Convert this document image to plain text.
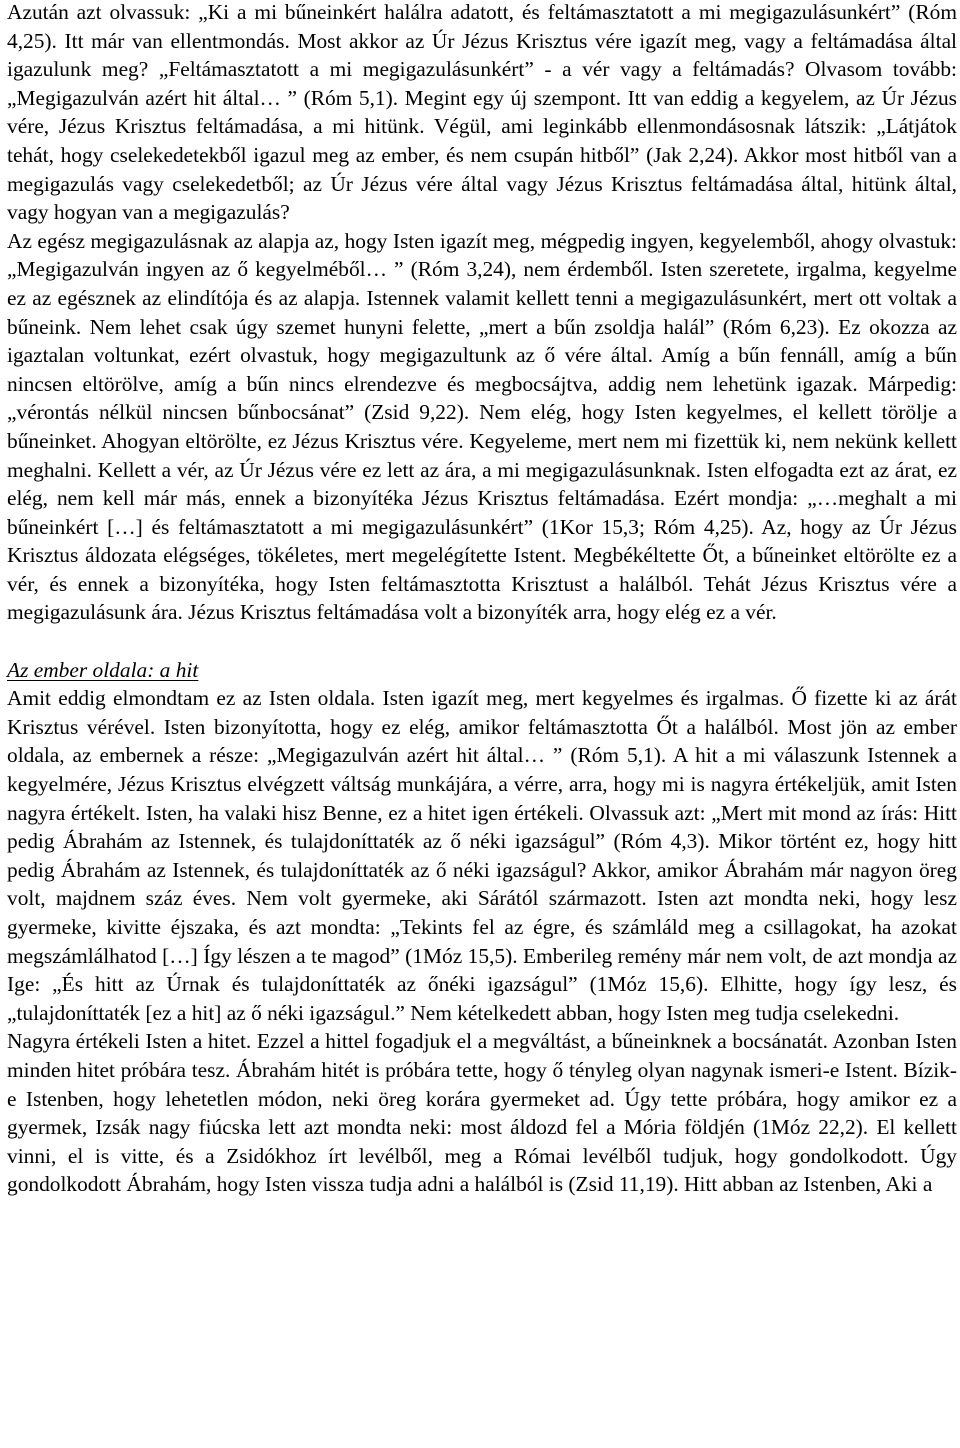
Azután azt olvassuk: „Ki a mi bűneinkért halálra adatott, és feltámasztatott a mi megigazulásunkért” (Róm 4,25). Itt már van ellentmondás. Most akkor az Úr Jézus Krisztus vére igazít meg, vagy a feltámadása által igazulunk meg? „Feltámasztatott a mi megigazulásunkért” - a vér vagy a feltámadás? Olvasom tovább: „Megigazulván azért hit által… ” (Róm 5,1). Megint egy új szempont. Itt van eddig a kegyelem, az Úr Jézus vére, Jézus Krisztus feltámadása, a mi hitünk. Végül, ami leginkább ellenmondásosnak látszik: „Látjátok tehát, hogy cselekedetekből igazul meg az ember, és nem csupán hitből” (Jak 2,24). Akkor most hitből van a megigazulás vagy cselekedetből; az Úr Jézus vére által vagy Jézus Krisztus feltámadása által, hitünk által, vagy hogyan van a megigazulás?

Az egész megigazulásnak az alapja az, hogy Isten igazít meg, mégpedig ingyen, kegyelemből, ahogy olvastuk: „Megigazulván ingyen az ő kegyelméből… ” (Róm 3,24), nem érdemből. Isten szeretete, irgalma, kegyelme ez az egésznek az elindítója és az alapja. Istennek valamit kellett tenni a megigazulásunkért, mert ott voltak a bűneink. Nem lehet csak úgy szemet hunyni felette, „mert a bűn zsoldja halál” (Róm 6,23). Ez okozza az igaztalan voltunkat, ezért olvastuk, hogy megigazultunk az ő vére által. Amíg a bűn fennáll, amíg a bűn nincsen eltörölve, amíg a bűn nincs elrendezve és megbocsájtva, addig nem lehetünk igazak. Márpedig: „vérontás nélkül nincsen bűnbocsánat” (Zsid 9,22). Nem elég, hogy Isten kegyelmes, el kellett törölje a bűneinket. Ahogyan eltörölte, ez Jézus Krisztus vére. Kegyeleme, mert nem mi fizettük ki, nem nekünk kellett meghalni. Kellett a vér, az Úr Jézus vére ez lett az ára, a mi megigazulásunknak. Isten elfogadta ezt az árat, ez elég, nem kell már más, ennek a bizonyítéka Jézus Krisztus feltámadása. Ezért mondja: „…meghalt a mi bűneinkért […] és feltámasztatott a mi megigazulásunkért” (1Kor 15,3; Róm 4,25). Az, hogy az Úr Jézus Krisztus áldozata elégséges, tökéletes, mert megelégítette Istent. Megbékéltette Őt, a bűneinket eltörölte ez a vér, és ennek a bizonyítéka, hogy Isten feltámasztotta Krisztust a halálból. Tehát Jézus Krisztus vére a megigazulásunk ára. Jézus Krisztus feltámadása volt a bizonyíték arra, hogy elég ez a vér.

Az ember oldala: a hit

Amit eddig elmondtam ez az Isten oldala. Isten igazít meg, mert kegyelmes és irgalmas. Ő fizette ki az árát Krisztus vérével. Isten bizonyította, hogy ez elég, amikor feltámasztotta Őt a halálból. Most jön az ember oldala, az embernek a része: „Megigazulván azért hit által… ” (Róm 5,1). A hit a mi válaszunk Istennek a kegyelmére, Jézus Krisztus elvégzett váltság munkájára, a vérre, arra, hogy mi is nagyra értékeljük, amit Isten nagyra értékelt. Isten, ha valaki hisz Benne, ez a hitet igen értékeli. Olvassuk azt: „Mert mit mond az írás: Hitt pedig Ábrahám az Istennek, és tulajdoníttaték az ő néki igazságul” (Róm 4,3). Mikor történt ez, hogy hitt pedig Ábrahám az Istennek, és tulajdoníttaték az ő néki igazságul? Akkor, amikor Ábrahám már nagyon öreg volt, majdnem száz éves. Nem volt gyermeke, aki Sárától származott. Isten azt mondta neki, hogy lesz gyermeke, kivitte éjszaka, és azt mondta: „Tekints fel az égre, és számláld meg a csillagokat, ha azokat megszámlálhatod […] Így lészen a te magod” (1Móz 15,5). Emberileg remény már nem volt, de azt mondja az Ige: „És hitt az Úrnak és tulajdoníttaték az őnéki igazságul” (1Móz 15,6). Elhitte, hogy így lesz, és „tulajdoníttaték [ez a hit] az ő néki igazságul.” Nem kételkedett abban, hogy Isten meg tudja cselekedni.

Nagyra értékeli Isten a hitet. Ezzel a hittel fogadjuk el a megváltást, a bűneinknek a bocsánatát. Azonban Isten minden hitet próbára tesz. Ábrahám hitét is próbára tette, hogy ő tényleg olyan nagynak ismeri-e Istent. Bízik-e Istenben, hogy lehetetlen módon, neki öreg korára gyermeket ad. Úgy tette próbára, hogy amikor ez a gyermek, Izsák nagy fiúcska lett azt mondta neki: most áldozd fel a Mória földjén (1Móz 22,2). El kellett vinni, el is vitte, és a Zsidókhoz írt levélből, meg a Római levélből tudjuk, hogy gondolkodott. Úgy gondolkodott Ábrahám, hogy Isten vissza tudja adni a halálból is (Zsid 11,19). Hitt abban az Istenben, Aki a
